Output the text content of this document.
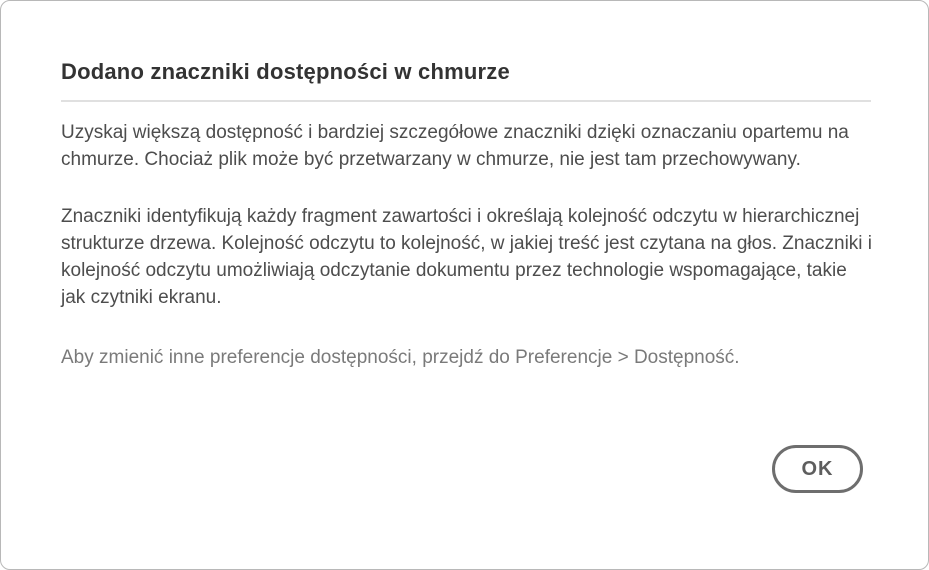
Dodano znaczniki dostępności w chmurze

Uzyskaj większą dostępność i bardziej szczegółowe znaczniki dzięki oznaczaniu opartemu na chmurze. Chociaż plik może być przetwarzany w chmurze, nie jest tam przechowywany.

Znaczniki identyfikują każdy fragment zawartości i określają kolejność odczytu w hierarchicznej strukturze drzewa. Kolejność odczytu to kolejność, w jakiej treść jest czytana na głos. Znaczniki i kolejność odczytu umożliwiają odczytanie dokumentu przez technologie wspomagające, takie jak czytniki ekranu.

Aby zmienić inne preferencje dostępności, przejdź do Preferencje > Dostępność.

OK
